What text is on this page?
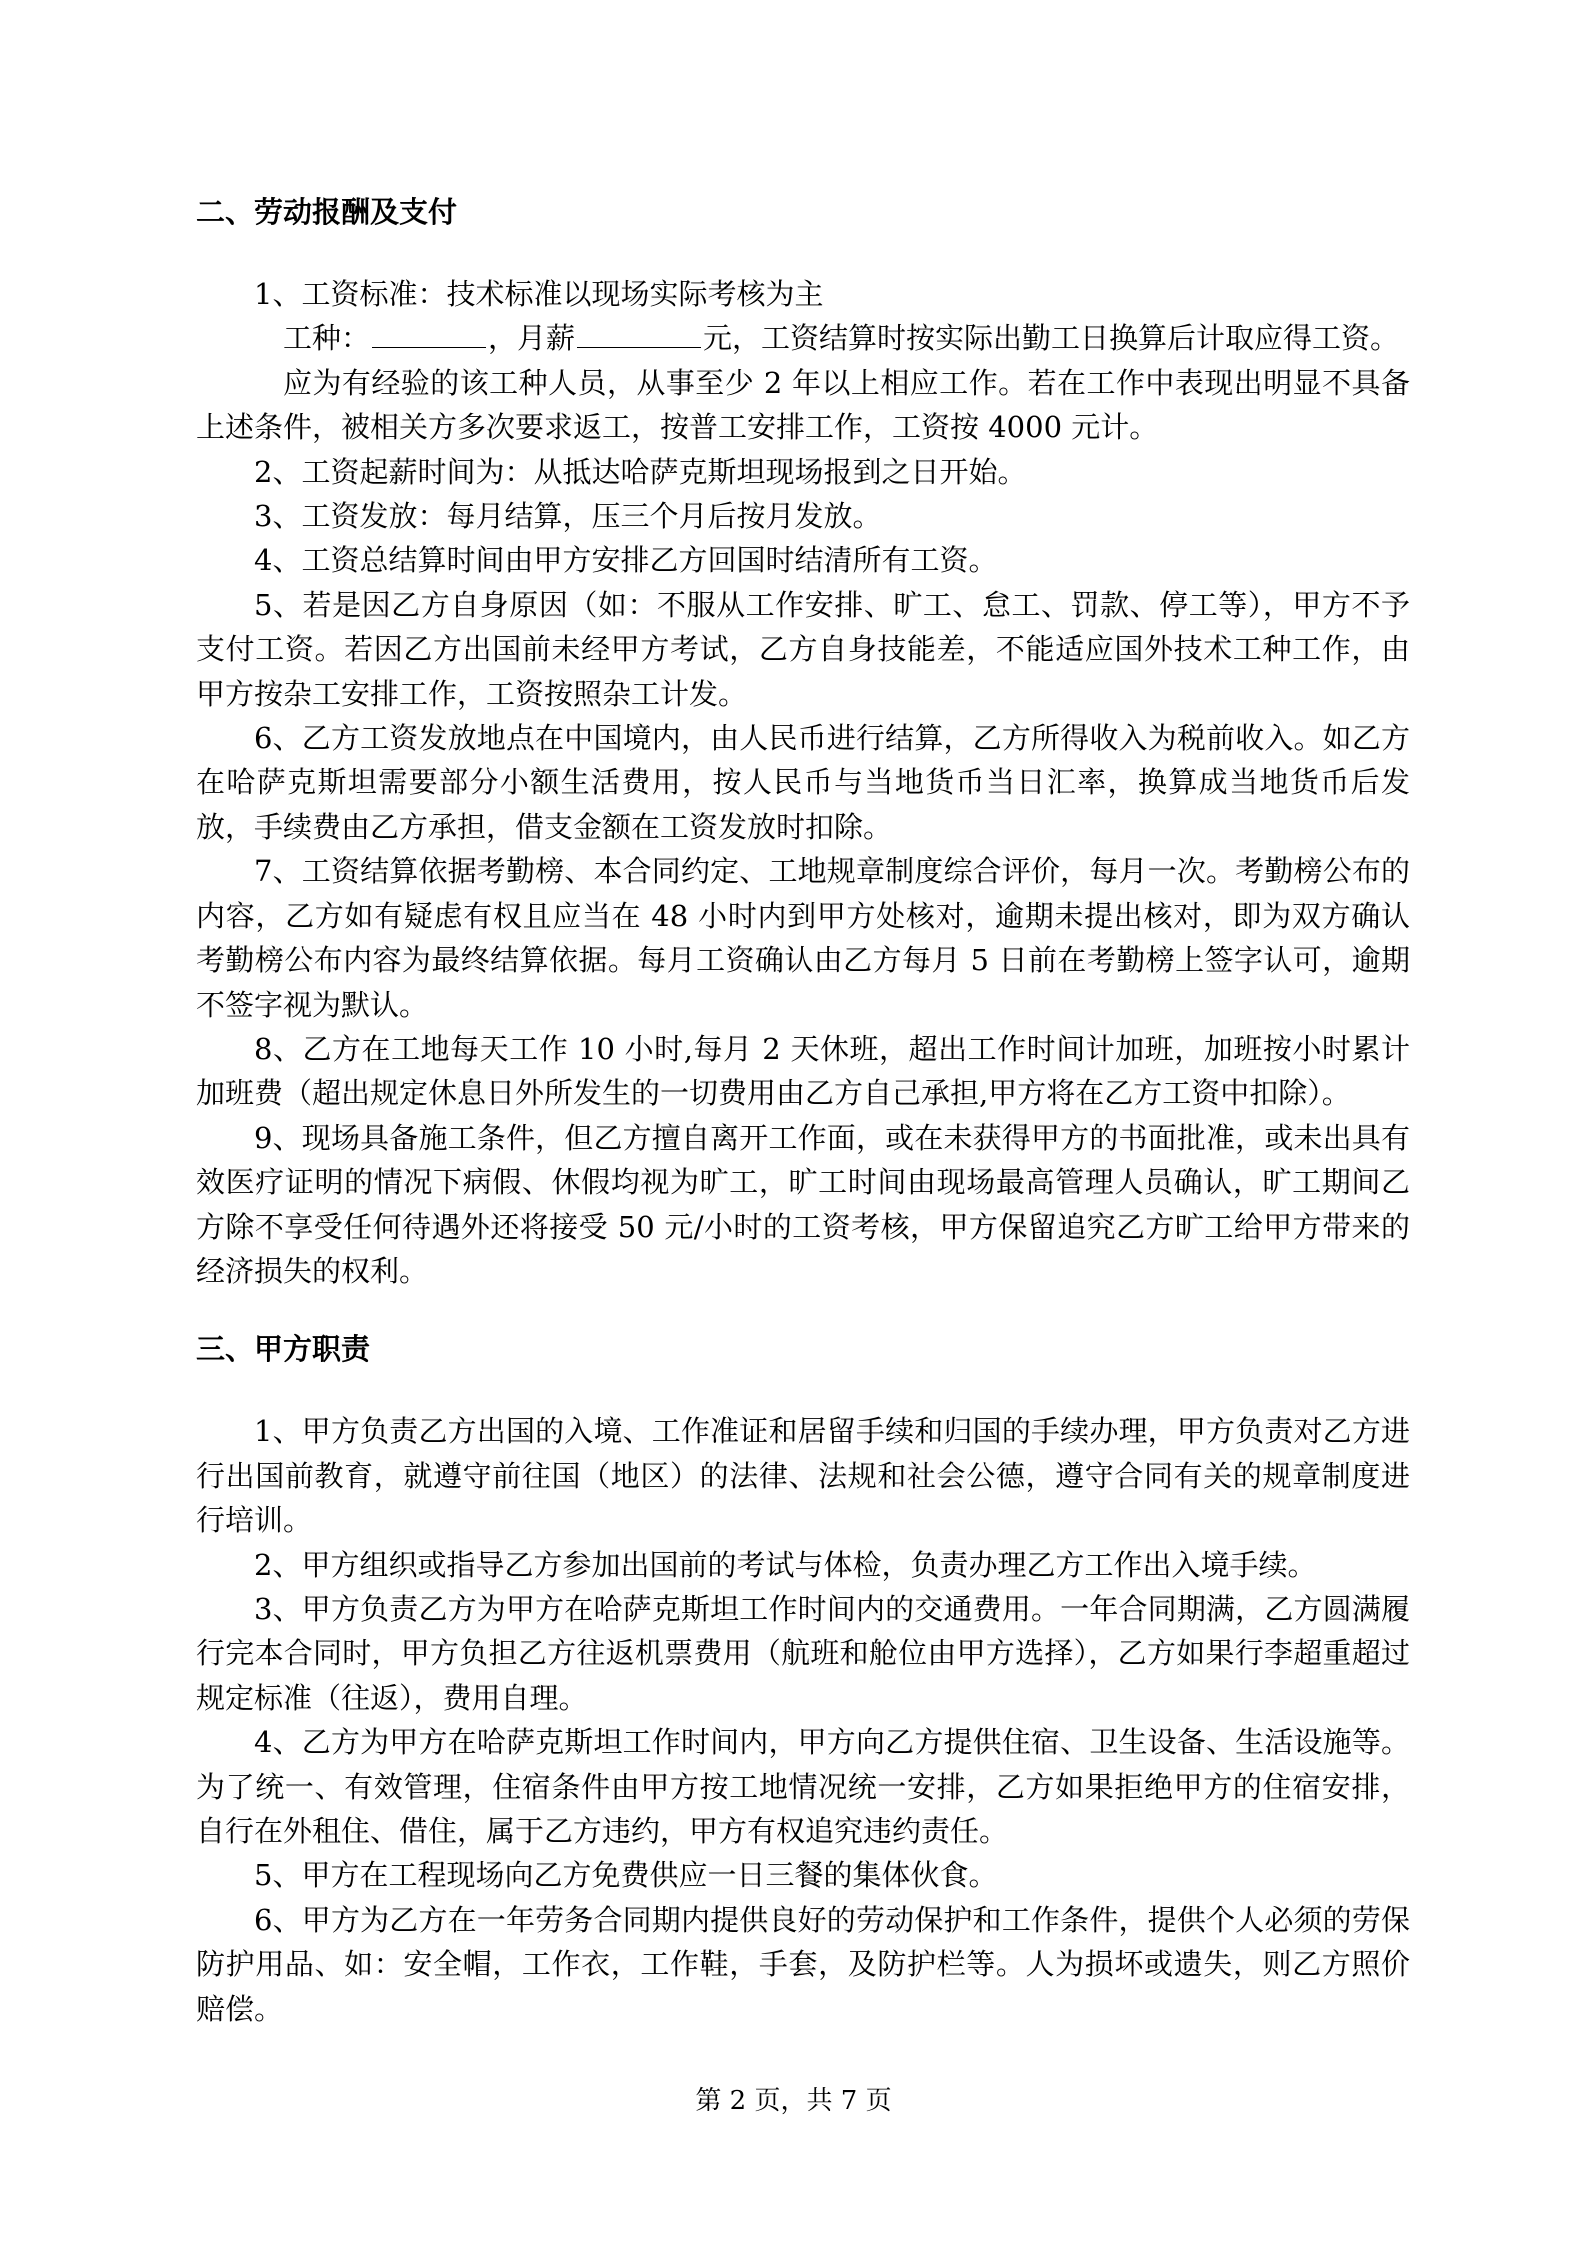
二、劳动报酬及支付

1、工资标准：技术标准以现场实际考核为主

工种：	，月薪	元，工资结算时按实际出勤工日换算后计取应得工资。

应为有经验的该工种人员，从事至少 2 年以上相应工作。若在工作中表现出明显不具备上述条件，被相关方多次要求返工，按普工安排工作，工资按 4000 元计。

2、工资起薪时间为：从抵达哈萨克斯坦现场报到之日开始。

3、工资发放：每月结算，压三个月后按月发放。

4、工资总结算时间由甲方安排乙方回国时结清所有工资。

5、若是因乙方自身原因（如：不服从工作安排、旷工、怠工、罚款、停工等），甲方不予支付工资。若因乙方出国前未经甲方考试，乙方自身技能差，不能适应国外技术工种工作，由甲方按杂工安排工作，工资按照杂工计发。

6、乙方工资发放地点在中国境内，由人民币进行结算，乙方所得收入为税前收入。如乙方在哈萨克斯坦需要部分小额生活费用，按人民币与当地货币当日汇率，换算成当地货币后发放，手续费由乙方承担，借支金额在工资发放时扣除。

7、工资结算依据考勤榜、本合同约定、工地规章制度综合评价，每月一次。考勤榜公布的内容，乙方如有疑虑有权且应当在 48 小时内到甲方处核对，逾期未提出核对，即为双方确认考勤榜公布内容为最终结算依据。每月工资确认由乙方每月 5 日前在考勤榜上签字认可，逾期不签字视为默认。

8、乙方在工地每天工作 10 小时,每月 2 天休班，超出工作时间计加班，加班按小时累计加班费（超出规定休息日外所发生的一切费用由乙方自己承担,甲方将在乙方工资中扣除）。

9、现场具备施工条件，但乙方擅自离开工作面，或在未获得甲方的书面批准，或未出具有效医疗证明的情况下病假、休假均视为旷工，旷工时间由现场最高管理人员确认，旷工期间乙方除不享受任何待遇外还将接受 50 元/小时的工资考核，甲方保留追究乙方旷工给甲方带来的经济损失的权利。

三、甲方职责

1、甲方负责乙方出国的入境、工作准证和居留手续和归国的手续办理，甲方负责对乙方进行出国前教育，就遵守前往国（地区）的法律、法规和社会公德，遵守合同有关的规章制度进行培训。

2、甲方组织或指导乙方参加出国前的考试与体检，负责办理乙方工作出入境手续。

3、甲方负责乙方为甲方在哈萨克斯坦工作时间内的交通费用。一年合同期满，乙方圆满履行完本合同时，甲方负担乙方往返机票费用（航班和舱位由甲方选择），乙方如果行李超重超过规定标准（往返），费用自理。

4、乙方为甲方在哈萨克斯坦工作时间内，甲方向乙方提供住宿、卫生设备、生活设施等。为了统一、有效管理，住宿条件由甲方按工地情况统一安排，乙方如果拒绝甲方的住宿安排，自行在外租住、借住，属于乙方违约，甲方有权追究违约责任。

5、甲方在工程现场向乙方免费供应一日三餐的集体伙食。

6、甲方为乙方在一年劳务合同期内提供良好的劳动保护和工作条件，提供个人必须的劳保防护用品、如：安全帽，工作衣，工作鞋，手套，及防护栏等。人为损坏或遗失，则乙方照价赔偿。

第 2 页，共 7 页
